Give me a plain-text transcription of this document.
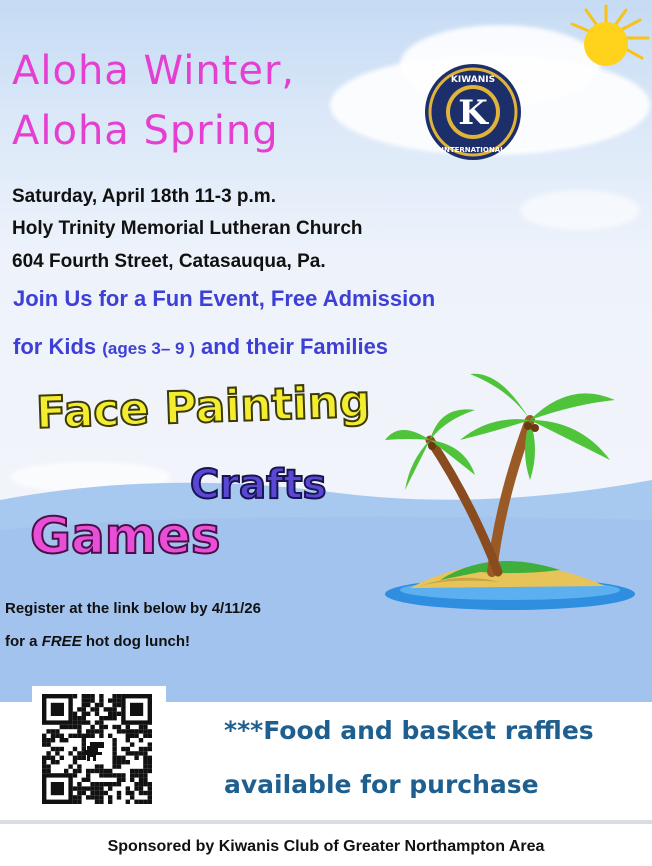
Aloha Winter,
Aloha Spring	K
KIWANIS
INTERNATIONAL
Saturday, April 18th 11-3 p.m.
Holy Trinity Memorial Lutheran Church
604 Fourth Street, Catasauqua, Pa.
Join Us for a Fun Event, Free Admission
for Kids (ages 3– 9 ) and their Families
Face Painting
Crafts
Games
Register at the link below by 4/11/26
for a FREE hot dog lunch!
***Food and basket raffles
available for purchase
Sponsored by Kiwanis Club of Greater Northampton Area
